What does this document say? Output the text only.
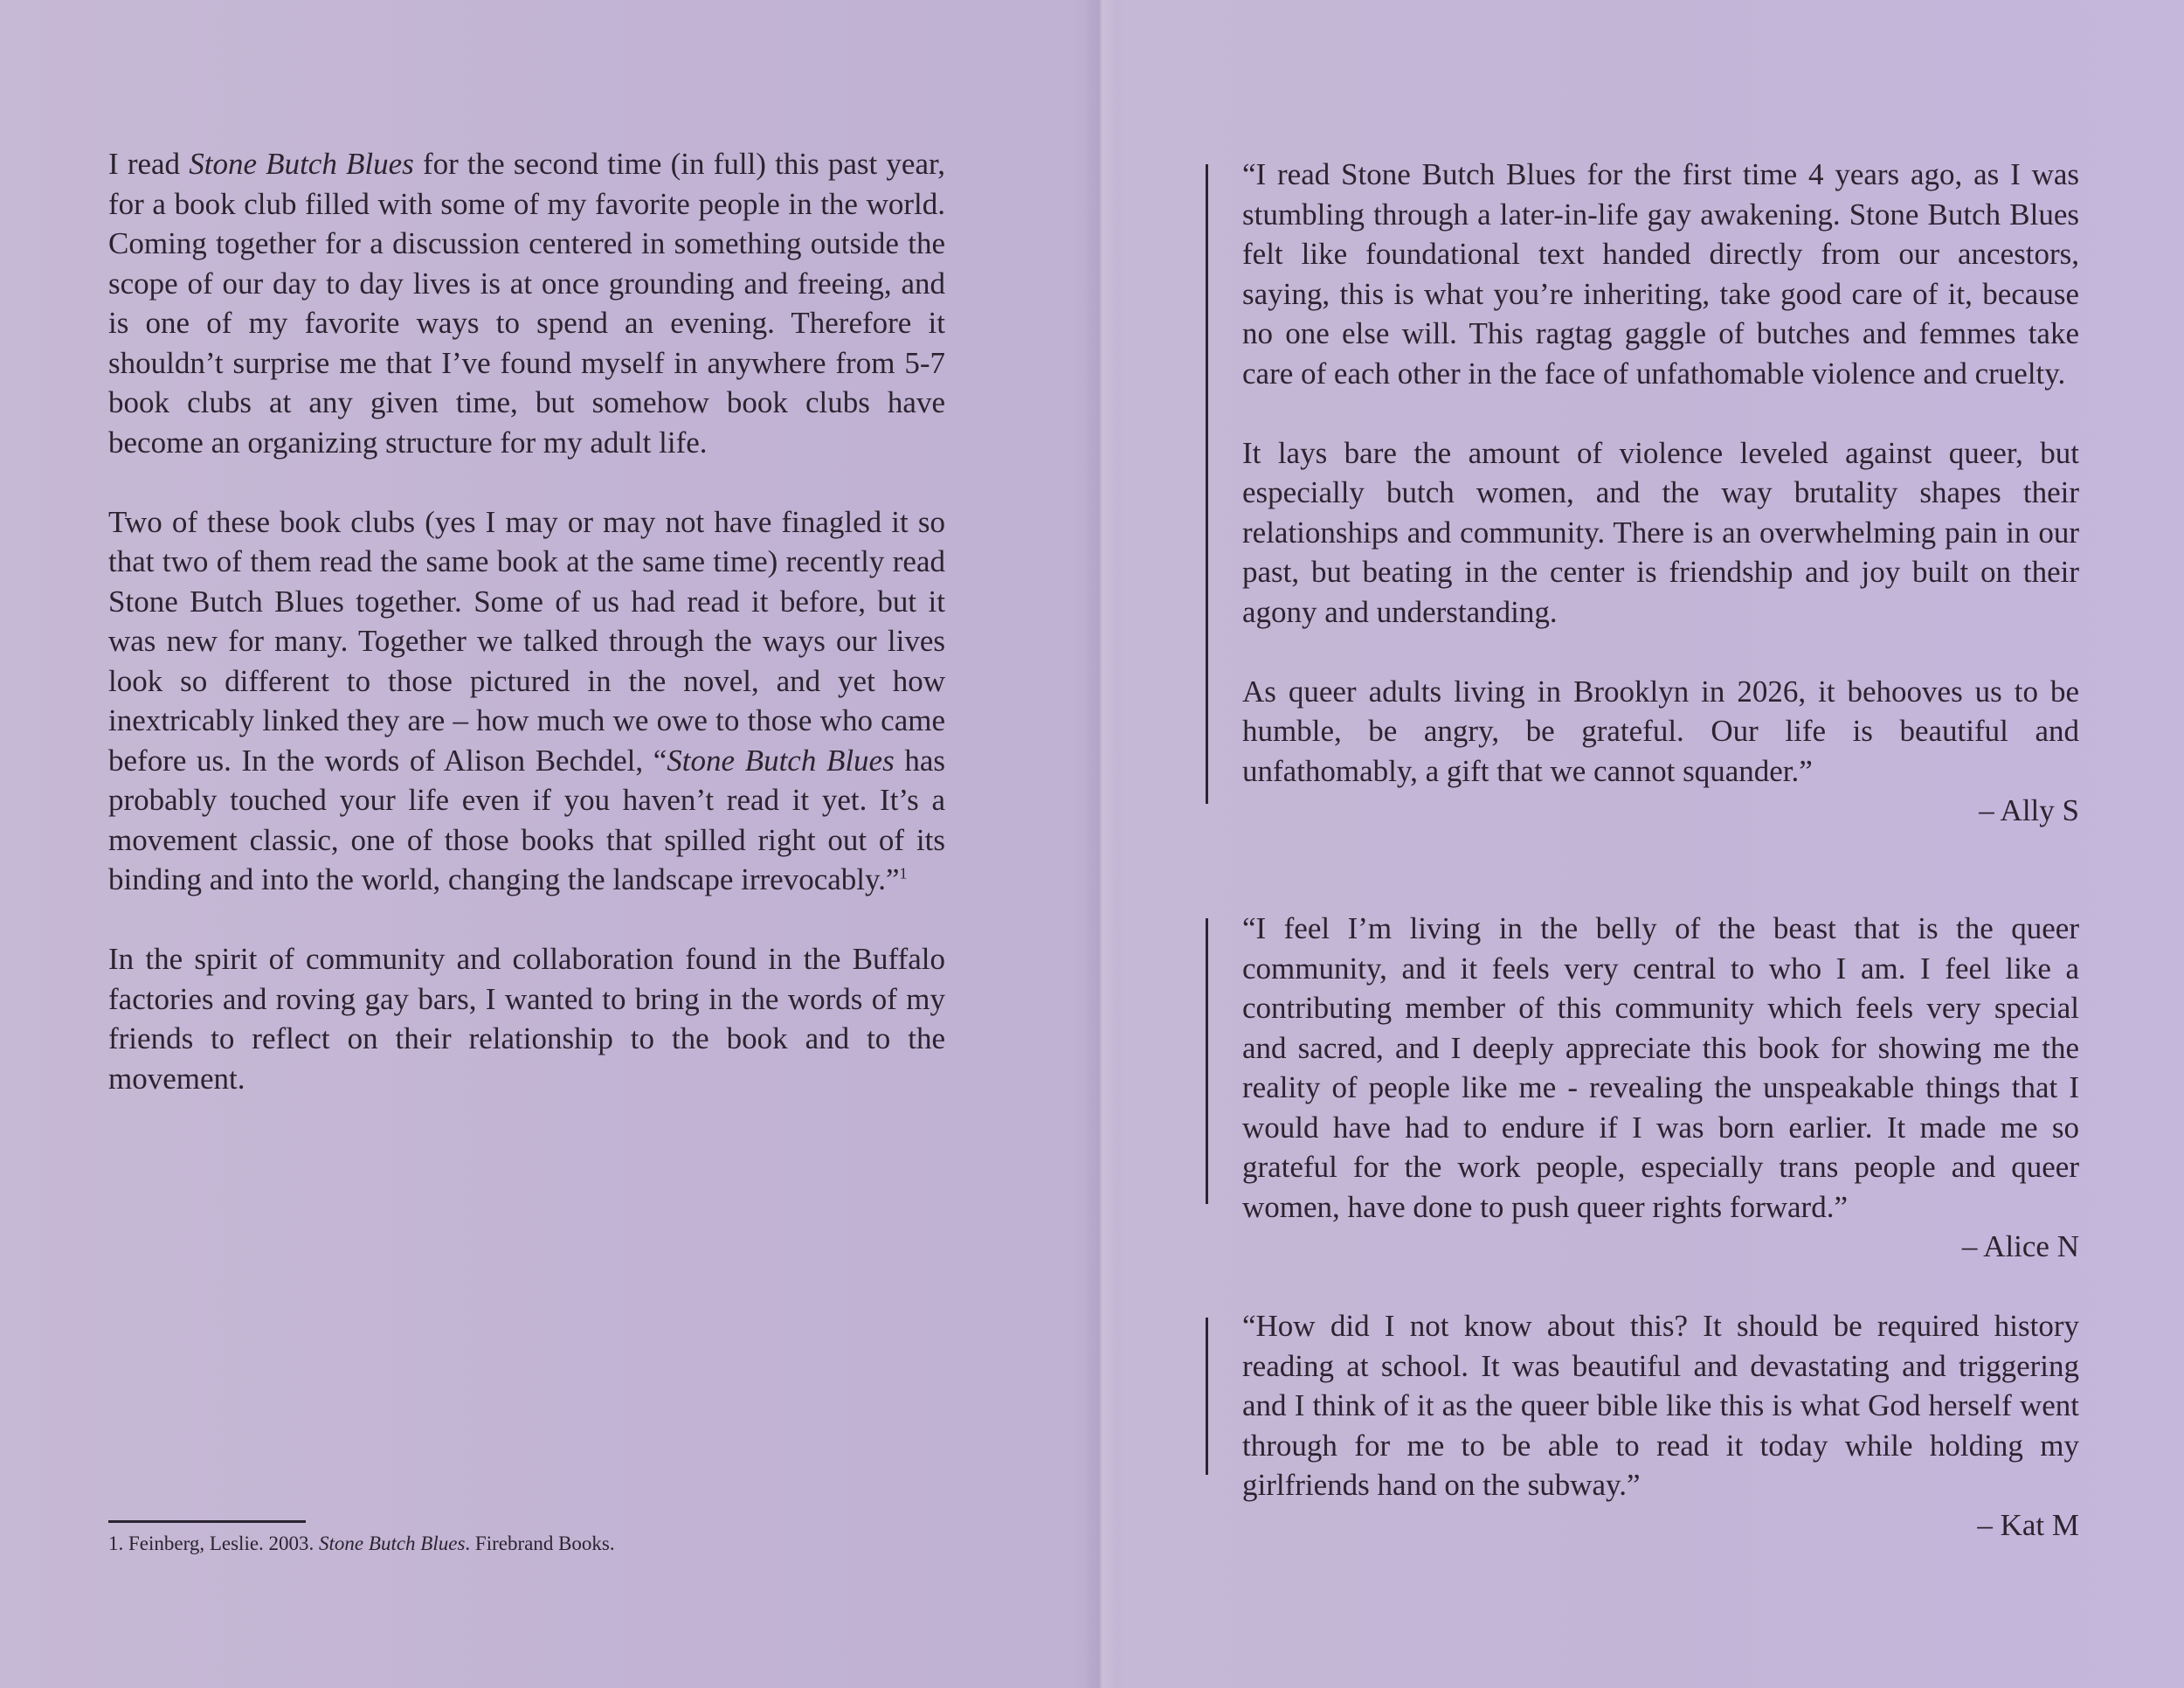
I read Stone Butch Blues for the second time (in full) this past year, for a book club filled with some of my favorite people in the world. Coming together for a discussion centered in something outside the scope of our day to day lives is at once grounding and freeing, and is one of my favorite ways to spend an evening. Therefore it shouldn’t surprise me that I’ve found myself in anywhere from 5-7 book clubs at any given time, but somehow book clubs have become an organizing structure for my adult life.

Two of these book clubs (yes I may or may not have finagled it so that two of them read the same book at the same time) recently read Stone Butch Blues together. Some of us had read it before, but it was new for many. Together we talked through the ways our lives look so different to those pictured in the novel, and yet how inextricably linked they are – how much we owe to those who came before us. In the words of Alison Bechdel, “Stone Butch Blues has probably touched your life even if you haven’t read it yet. It’s a movement classic, one of those books that spilled right out of its binding and into the world, changing the landscape irrevocably.”$^1$

In the spirit of community and collaboration found in the Buffalo factories and roving gay bars, I wanted to bring in the words of my friends to reflect on their relationship to the book and to the movement.

1. Feinberg, Leslie. 2003. Stone Butch Blues. Firebrand Books.

“I read Stone Butch Blues for the first time 4 years ago, as I was stumbling through a later-in-life gay awakening. Stone Butch Blues felt like foundational text handed directly from our ancestors, saying, this is what you’re inheriting, take good care of it, because no one else will. This ragtag gaggle of butches and femmes take care of each other in the face of unfathomable violence and cruelty.

It lays bare the amount of violence leveled against queer, but especially butch women, and the way brutality shapes their relationships and community. There is an overwhelming pain in our past, but beating in the center is friendship and joy built on their agony and understanding.

As queer adults living in Brooklyn in 2026, it behooves us to be humble, be angry, be grateful. Our life is beautiful and unfathomably, a gift that we cannot squander.”

– Ally S

“I feel I’m living in the belly of the beast that is the queer community, and it feels very central to who I am. I feel like a contributing member of this community which feels very special and sacred, and I deeply appreciate this book for showing me the reality of people like me - revealing the unspeakable things that I would have had to endure if I was born earlier. It made me so grateful for the work people, especially trans people and queer women, have done to push queer rights forward.”

– Alice N

“How did I not know about this? It should be required history reading at school. It was beautiful and devastating and triggering and I think of it as the queer bible like this is what God herself went through for me to be able to read it today while holding my girlfriends hand on the subway.”

– Kat M
